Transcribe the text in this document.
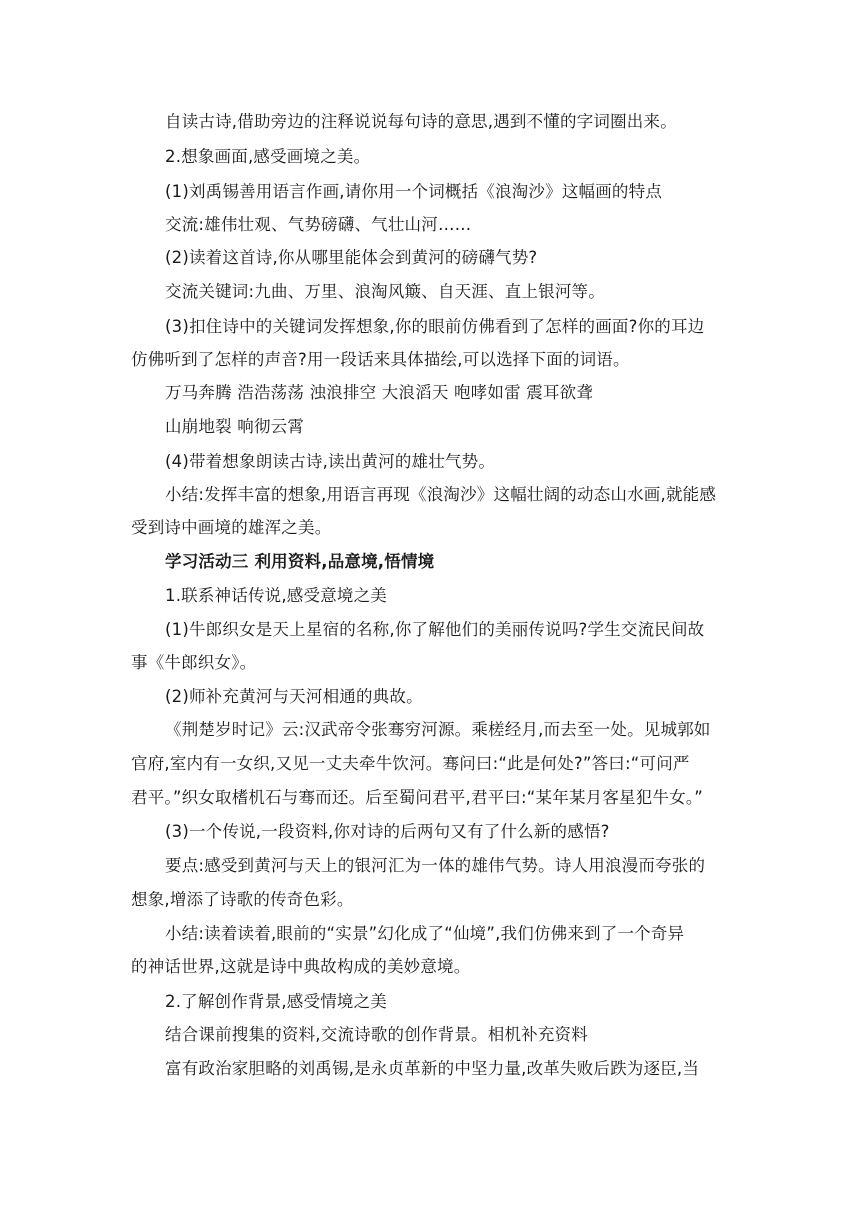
自读古诗,借助旁边的注释说说每句诗的意思,遇到不懂的字词圈出来。
2.想象画面,感受画境之美。
(1)刘禹锡善用语言作画,请你用一个词概括《浪淘沙》这幅画的特点
交流:雄伟壮观、气势磅礴、气壮山河……
(2)读着这首诗,你从哪里能体会到黄河的磅礴气势?
交流关键词:九曲、万里、浪淘风簸、自天涯、直上银河等。
(3)扣住诗中的关键词发挥想象,你的眼前仿佛看到了怎样的画面?你的耳边
仿佛听到了怎样的声音?用一段话来具体描绘,可以选择下面的词语。
万马奔腾 浩浩荡荡 浊浪排空 大浪滔天 咆哮如雷 震耳欲聋
山崩地裂 响彻云霄
(4)带着想象朗读古诗,读出黄河的雄壮气势。
小结:发挥丰富的想象,用语言再现《浪淘沙》这幅壮阔的动态山水画,就能感
受到诗中画境的雄浑之美。
学习活动三 利用资料,品意境,悟情境
1.联系神话传说,感受意境之美
(1)牛郎织女是天上星宿的名称,你了解他们的美丽传说吗?学生交流民间故
事《牛郎织女》。
(2)师补充黄河与天河相通的典故。
《荆楚岁时记》云:汉武帝令张骞穷河源。乘槎经月,而去至一处。见城郭如
官府,室内有一女织,又见一丈夫牵牛饮河。骞问曰:“此是何处?”答曰:“可问严
君平。”织女取榰机石与骞而还。后至蜀问君平,君平曰:“某年某月客星犯牛女。”
(3)一个传说,一段资料,你对诗的后两句又有了什么新的感悟?
要点:感受到黄河与天上的银河汇为一体的雄伟气势。诗人用浪漫而夸张的
想象,增添了诗歌的传奇色彩。
小结:读着读着,眼前的“实景”幻化成了“仙境”,我们仿佛来到了一个奇异
的神话世界,这就是诗中典故构成的美妙意境。
2.了解创作背景,感受情境之美
结合课前搜集的资料,交流诗歌的创作背景。相机补充资料
富有政治家胆略的刘禹锡,是永贞革新的中坚力量,改革失败后跌为逐臣,当
